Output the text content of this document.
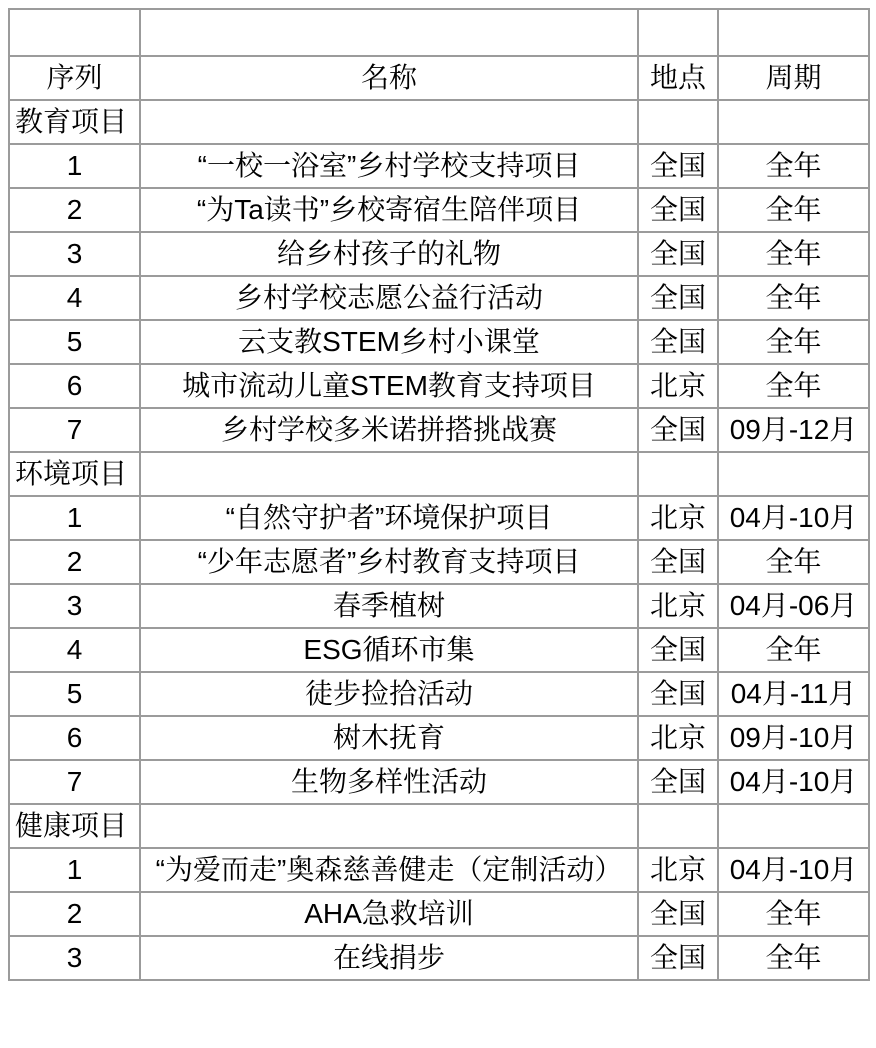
序列	名称	地点	周期
教育项目			
1	“一校一浴室”乡村学校支持项目	全国	全年
2	“为Ta读书”乡校寄宿生陪伴项目	全国	全年
3	给乡村孩子的礼物	全国	全年
4	乡村学校志愿公益行活动	全国	全年
5	云支教STEM乡村小课堂	全国	全年
6	城市流动儿童STEM教育支持项目	北京	全年
7	乡村学校多米诺拼搭挑战赛	全国	09月-12月
环境项目			
1	“自然守护者”环境保护项目	北京	04月-10月
2	“少年志愿者”乡村教育支持项目	全国	全年
3	春季植树	北京	04月-06月
4	ESG循环市集	全国	全年
5	徒步捡拾活动	全国	04月-11月
6	树木抚育	北京	09月-10月
7	生物多样性活动	全国	04月-10月
健康项目			
1	“为爱而走”奥森慈善健走（定制活动）	北京	04月-10月
2	AHA急救培训	全国	全年
3	在线捐步	全国	全年
